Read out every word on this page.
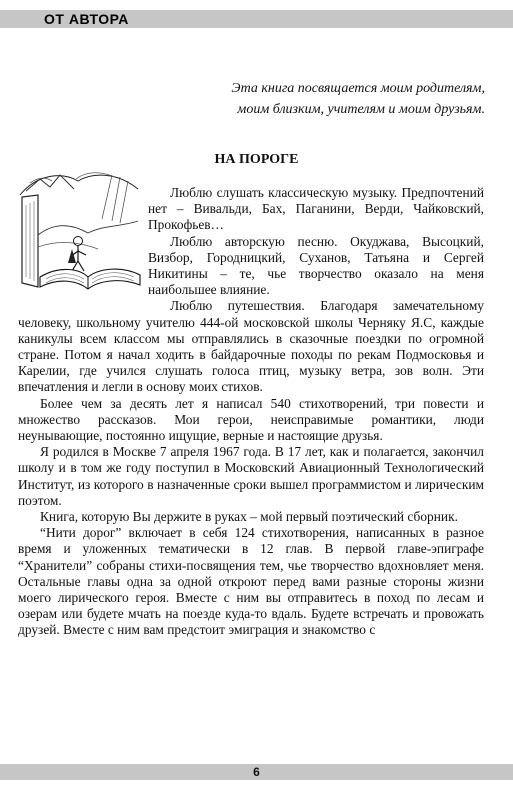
ОТ АВТОРА
Эта книга посвящается моим родителям,
моим близким, учителям и моим друзьям.
НА ПОРОГЕ

Люблю слушать классическую музыку. Предпочтений нет – Вивальди, Бах, Паганини, Верди, Чайковский, Прокофьев…

Люблю авторскую песню. Окуджава, Высоцкий, Визбор, Городницкий, Суханов, Татьяна и Сергей Никитины – те, чье творчество оказало на меня наибольшее влияние.

Люблю путешествия. Благодаря замечательному человеку, школьному учителю 444-ой московской школы Черняку Я.С, каждые каникулы всем классом мы отправлялись в сказочные поездки по огромной стране. Потом я начал ходить в байдарочные походы по рекам Подмосковья и Карелии, где учился слушать голоса птиц, музыку ветра, зов волн. Эти впечатления и легли в основу моих стихов.

Более чем за десять лет я написал 540 стихотворений, три повести и множество рассказов. Мои герои, неисправимые романтики, люди неунывающие, постоянно ищущие, верные и настоящие друзья.

Я родился в Москве 7 апреля 1967 года. В 17 лет, как и полагается, закончил школу и в том же году поступил в Московский Авиационный Технологический Институт, из которого в назначенные сроки вышел программистом и лирическим поэтом.

Книга, которую Вы держите в руках – мой первый поэтический сборник.

“Нити дорог” включает в себя 124 стихотворения, написанных в разное время и уложенных тематически в 12 глав. В первой главе-эпиграфе “Хранители” собраны стихи-посвящения тем, чье творчество вдохновляет меня. Остальные главы одна за одной откроют перед вами разные стороны жизни моего лирического героя. Вместе с ним вы отправитесь в поход по лесам и озерам или будете мчать на поезде куда-то вдаль. Будете встречать и провожать друзей. Вместе с ним вам предстоит эмиграция и знакомство с

6
